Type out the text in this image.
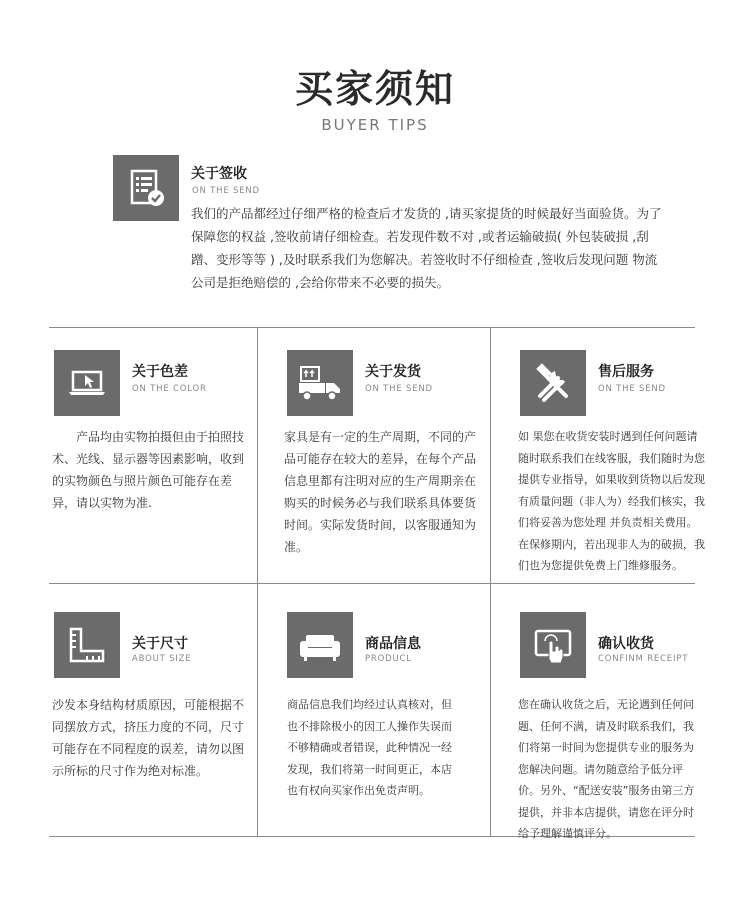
买家须知
BUYER TIPS
关于签收
ON THE SEND
我们的产品都经过仔细严格的检查后才发货的 ,请买家提货的时候最好当面验货。为了保障您的权益 ,签收前请仔细检查。若发现件数不对 ,或者运输破损( 外包装破损 ,刮蹭、变形等等 ) ,及时联系我们为您解决。若签收时不仔细检查 ,签收后发现问题 物流公司是拒绝赔偿的 ,会给你带来不必要的损失。
关于色差
ON THE COLOR
产品均由实物拍摄但由于拍照技术、光线、显示器等因素影响，收到的实物颜色与照片颜色可能存在差异，请以实物为准.
关于发货
ON THE SEND
家具是有一定的生产周期，不同的产品可能存在较大的差异，在每个产品信息里都有注明对应的生产周期亲在购买的时候务必与我们联系具体要货时间。实际发货时间，以客服通知为准。
售后服务
ON THE SEND
如 果您在收货安装时遇到任何问题请随时联系我们在线客服，我们随时为您提供专业指导，如果收到货物以后发现有质量问题（非人为）经我们核实，我们将妥善为您处理 并负责相关费用。在保修期内，若出现非人为的破损，我们也为您提供免费上门维修服务。
关于尺寸
ABOUT SIZE
沙发本身结构材质原因，可能根据不同摆放方式，挤压力度的不同，尺寸可能存在不同程度的误差，请勿以图示所标的尺寸作为绝对标准。
商品信息
PRODUCL
商品信息我们均经过认真核对，但也不排除极小的因工人操作失误而不够精确或者错误，此种情况一经发现，我们将第一时间更正，本店也有权向买家作出免责声明。
确认收货
CONFINM RECEIPT
您在确认收货之后，无论遇到任何问题、任何不满，请及时联系我们，我们将第一时间为您提供专业的服务为您解决问题。请勿随意给予低分评价。另外、“配送安装”服务由第三方提供，并非本店提供，请您在评分时给予理解谨慎评分。
